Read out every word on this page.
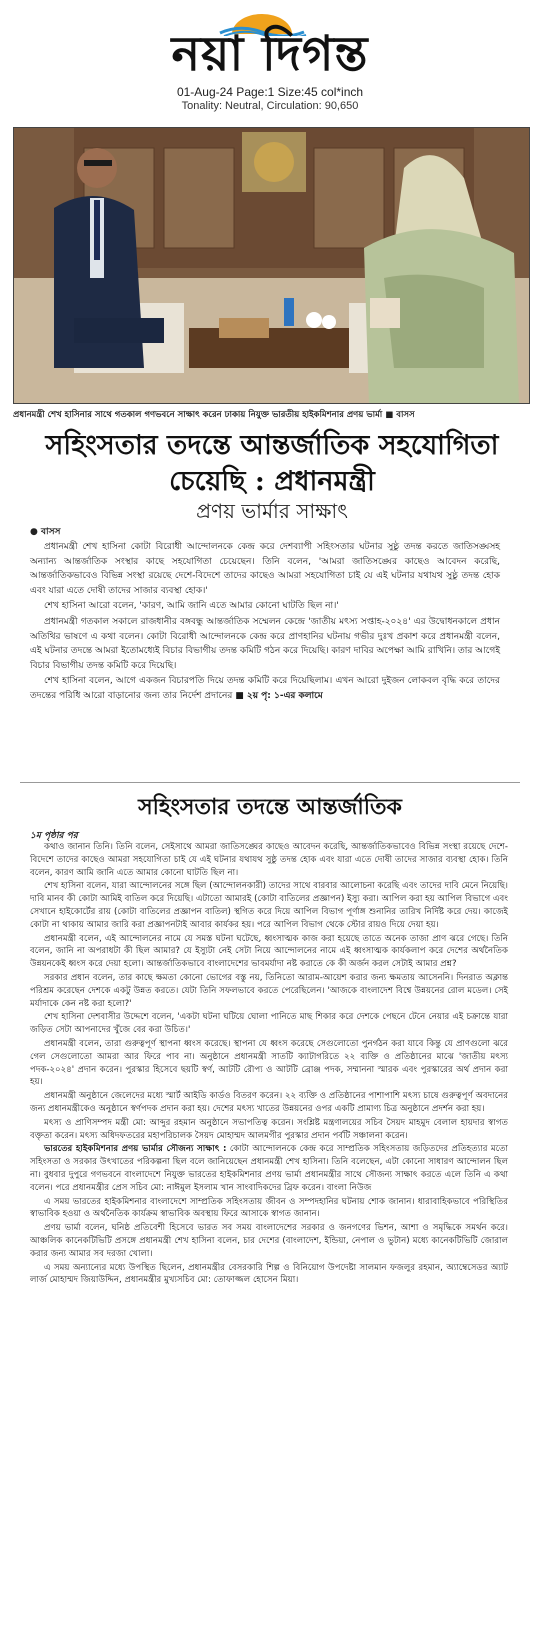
নয়া দিগন্ত
01-Aug-24 Page:1 Size:45 col*inch
Tonality: Neutral, Circulation: 90,650
প্রধানমন্ত্রী শেখ হাসিনার সাথে গতকাল গণভবনে সাক্ষাৎ করেন ঢাকায় নিযুক্ত ভারতীয় হাইকমিশনার প্রণয় ভার্মা ■ বাসস
সহিংসতার তদন্তে আন্তর্জাতিক সহযোগিতা চেয়েছি : প্রধানমন্ত্রী
প্রণয় ভার্মার সাক্ষাৎ
● বাসস

প্রধানমন্ত্রী শেখ হাসিনা কোটা বিরোধী আন্দোলনকে কেন্দ্র করে দেশব্যাপী সহিংসতার ঘটনার সুষ্ঠু তদন্ত করতে জাতিসঙ্ঘসহ অন্যান্য আন্তর্জাতিক সংস্থার কাছে সহযোগিতা চেয়েছেন। তিনি বলেন, 'আমরা জাতিসঙ্ঘের কাছেও আবেদন করেছি, আন্তর্জাতিকভাবেও বিভিন্ন সংস্থা রয়েছে দেশে-বিদেশে তাদের কাছেও আমরা সহযোগিতা চাই যে এই ঘটনার যথাযথ সুষ্ঠু তদন্ত হোক এবং যারা এতে দোষী তাদের সাজার ব্যবস্থা হোক।'

শেখ হাসিনা আরো বলেন, 'কারণ, আমি জানি এতে আমার কোনো ঘাটতি ছিল না।'

প্রধানমন্ত্রী গতকাল সকালে রাজধানীর বঙ্গবন্ধু আন্তর্জাতিক সম্মেলন কেন্দ্রে 'জাতীয় মৎস্য সপ্তাহ-২০২৪' এর উদ্বোধনকালে প্রধান অতিথির ভাষণে এ কথা বলেন। কোটা বিরোধী আন্দোলনকে কেন্দ্র করে প্রাণহানির ঘটনায় গভীর দুঃখ প্রকাশ করে প্রধানমন্ত্রী বলেন, এই ঘটনার তদন্তে আমরা ইতোমধ্যেই বিচার বিভাগীয় তদন্ত কমিটি গঠন করে দিয়েছি। কারণ দাবির অপেক্ষা আমি রাখিনি। তার আগেই বিচার বিভাগীয় তদন্ত কমিটি করে দিয়েছি।

শেখ হাসিনা বলেন, আগে একজন বিচারপতি দিয়ে তদন্ত কমিটি করে দিয়েছিলাম। এখন আরো দুইজন লোকবল বৃদ্ধি করে তাদের তদন্তের পরিধি আরো বাড়ানোর জন্য তার নির্দেশ প্রদানের ■ ২য় পৃ: ১-এর কলামে

সহিংসতার তদন্তে আন্তর্জাতিক
১ম পৃষ্ঠার পর

কথাও জানান তিনি। তিনি বলেন, সেইসাথে আমরা জাতিসঙ্ঘের কাছেও আবেদন করেছি, আন্তর্জাতিকভাবেও বিভিন্ন সংস্থা রয়েছে দেশে-বিদেশে তাদের কাছেও আমরা সহযোগিতা চাই যে এই ঘটনার যথাযথ সুষ্ঠু তদন্ত হোক এবং যারা এতে দোষী তাদের সাজার ব্যবস্থা হোক। তিনি বলেন, কারণ আমি জানি এতে আমার কোনো ঘাটতি ছিল না।

শেখ হাসিনা বলেন, যারা আন্দোলনের সঙ্গে ছিল (আন্দোলনকারী) তাদের সাথে বারবার আলোচনা করেছি এবং তাদের দাবি মেনে নিয়েছি। দাবি মানব কী কোটা আমিই বাতিল করে দিয়েছি। এটাতো আমারই (কোটা বাতিলের প্রজ্ঞাপন) ইস্যু করা। আপিল করা হয় আপিল বিভাগে এবং সেখানে হাইকোর্টের রায় (কোটা বাতিলের প্রজ্ঞাপন বাতিল) স্থগিত করে দিয়ে আপিল বিভাগ পূর্ণাঙ্গ শুনানির তারিখ নির্দিষ্ট করে দেয়। কাজেই কোটা না থাকায় আমার জারি করা প্রজ্ঞাপনটাই আবার কার্যকর হয়। পরে আপিল বিভাগ থেকে স্টোর রায়ও দিয়ে দেয়া হয়।

প্রধানমন্ত্রী বলেন, এই আন্দোলনের নামে যে সমস্ত ঘটনা ঘটেছে, ধ্বংসাত্মক কাজ করা হয়েছে তাতে অনেক তাজা প্রাণ ঝরে গেছে। তিনি বলেন, জানি না অপরাধটা কী ছিল আমার? যে ইস্যুটা নেই সেটা নিয়ে আন্দোলনের নামে এই ধ্বংসাত্মক কার্যকলাপ করে দেশের অর্থনৈতিক উন্নয়নকেই ধ্বংস করে দেয়া হলো। আন্তর্জাতিকভাবে বাংলাদেশের ভাবমর্যাদা নষ্ট করাতে কে কী অর্জন করল সেটাই আমার প্রশ্ন?

সরকার প্রধান বলেন, তার কাছে ক্ষমতা কোনো ভোগের বস্তু নয়, তিনিতো আরাম-আয়েশ করার জন্য ক্ষমতায় আসেননি। দিনরাত অক্লান্ত পরিশ্রম করেছেন দেশকে একটু উন্নত করতে। যেটা তিনি সফলভাবে করতে পেরেছিলেন। 'আজকে বাংলাদেশ বিশ্বে উন্নয়নের রোল মডেল। সেই মর্যাদাকে কেন নষ্ট করা হলো?'

শেখ হাসিনা দেশবাসীর উদ্দেশে বলেন, 'একটা ঘটনা ঘটিয়ে ঘোলা পানিতে মাছ শিকার করে দেশকে পেছনে টেনে নেয়ার এই চক্রান্তে যারা জড়িত সেটা আপনাদের খুঁজে বের করা উচিত।'

প্রধানমন্ত্রী বলেন, তারা গুরুত্বপূর্ণ স্থাপনা ধ্বংস করেছে। স্থাপনা যে ধ্বংস করেছে সেগুলোতো পুনর্গঠন করা যাবে কিন্তু যে প্রাণগুলো ঝরে গেল সেগুলোতো আমরা আর ফিরে পাব না। অনুষ্ঠানে প্রধানমন্ত্রী সাতটি ক্যাটাগরিতে ২২ ব্যক্তি ও প্রতিষ্ঠানের মাঝে 'জাতীয় মৎস্য পদক-২০২৪' প্রদান করেন। পুরস্কার হিসেবে ছয়টি স্বর্ণ, আটটি রৌপ্য ও আটটি ব্রোঞ্জ পদক, সম্মাননা স্মারক এবং পুরস্কারের অর্থ প্রদান করা হয়।

প্রধানমন্ত্রী অনুষ্ঠানে জেলেদের মধ্যে স্মার্ট আইডি কার্ডও বিতরণ করেন। ২২ ব্যক্তি ও প্রতিষ্ঠানের পাশাপাশি মৎস্য চাষে গুরুত্বপূর্ণ অবদানের জন্য প্রধানমন্ত্রীকেও অনুষ্ঠানে স্বর্ণপদক প্রদান করা হয়। দেশের মৎস্য খাতের উন্নয়নের ওপর একটি প্রামাণ্য চিত্র অনুষ্ঠানে প্রদর্শন করা হয়।

মৎস্য ও প্রাণিসম্পদ মন্ত্রী মো: আব্দুর রহমান অনুষ্ঠানে সভাপতিত্ব করেন। সংশ্লিষ্ট মন্ত্রণালয়ের সচিব সৈয়দ মাহমুদ বেলাল হায়দার স্বাগত বক্তৃতা করেন। মৎস্য অধিদফতরের মহাপরিচালক সৈয়দ মোহাম্মদ আলমগীর পুরস্কার প্রদান পর্বটি সঞ্চালনা করেন।

ভারতের হাইকমিশনার প্রণয় ভার্মার সৌজন্য সাক্ষাৎ : কোটা আন্দোলনকে কেন্দ্র করে সাম্প্রতিক সহিংসতায় জড়িতদের প্রতিহত্যার মতো সহিংসতা ও সরকার উৎখাতের পরিকল্পনা ছিল বলে জানিয়েছেন প্রধানমন্ত্রী শেখ হাসিনা। তিনি বলেছেন, এটা কোনো সাধারণ আন্দোলন ছিল না। বুধবার দুপুরে গণভবনে বাংলাদেশে নিযুক্ত ভারতের হাইকমিশনার প্রণয় ভার্মা প্রধানমন্ত্রীর সাথে সৌজন্য সাক্ষাৎ করতে এলে তিনি এ কথা বলেন। পরে প্রধানমন্ত্রীর প্রেস সচিব মো: নাঈমুল ইসলাম খান সাংবাদিকদের ব্রিফ করেন। বাংলা নিউজ

এ সময় ভারতের হাইকমিশনার বাংলাদেশে সাম্প্রতিক সহিংসতায় জীবন ও সম্পদহানির ঘটনায় শোক জানান। ধারাবাহিকভাবে পরিস্থিতির স্বাভাবিক হওয়া ও অর্থনৈতিক কার্যক্রম স্বাভাবিক অবস্থায় ফিরে আসাকে স্বাগত জানান।

প্রণয় ভার্মা বলেন, ঘনিষ্ঠ প্রতিবেশী হিসেবে ভারত সব সময় বাংলাদেশের সরকার ও জনগণের ভিশন, আশা ও সমৃদ্ধিকে সমর্থন করে। আঞ্চলিক কানেকটিভিটি প্রসঙ্গে প্রধানমন্ত্রী শেখ হাসিনা বলেন, চার দেশের (বাংলাদেশ, ইন্ডিয়া, নেপাল ও ভুটান) মধ্যে কানেকটিভিটি জোরাল করার জন্য আমার সব দরজা খোলা।

এ সময় অন্যান্যের মধ্যে উপস্থিত ছিলেন, প্রধানমন্ত্রীর বেসরকারি শিল্প ও বিনিয়োগ উপদেষ্টা সালমান ফজলুর রহমান, অ্যাম্বেসেডর অ্যাট লার্জ মোহাম্মদ জিয়াউদ্দিন, প্রধানমন্ত্রীর মুখ্যসচিব মো: তোফাজ্জল হোসেন মিয়া।
